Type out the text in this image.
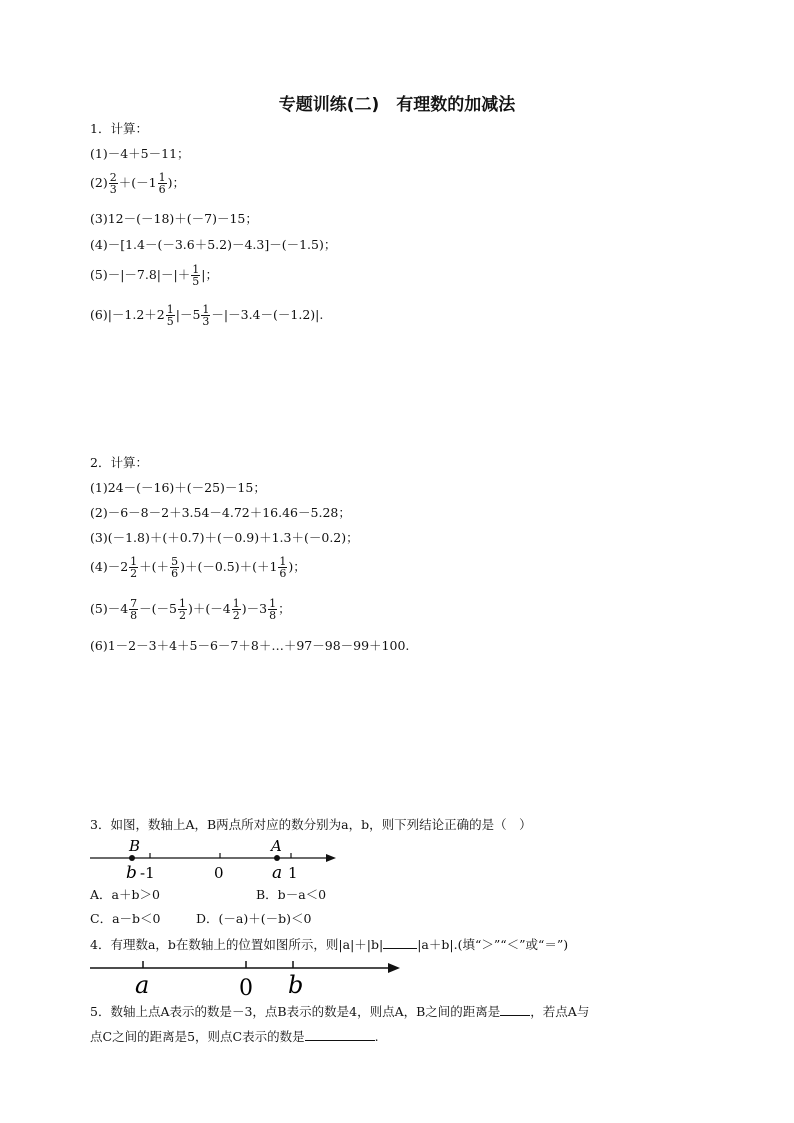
专题训练(二)　有理数的加减法
1．计算：
(1)－4＋5－11；
$(2) \frac{2}{3} +(-1 \frac{1}{6}$ )；
(3)12－(－18)＋(－7)－15；
(4)－[1.4－(－3.6＋5.2)－4.3]－(－1.5)；
$(5)-|-7.8|-|+ \frac{1}{5}$ |；
$(6)|-1.2+2 \frac{1}{5} |-5 \frac{1}{3} -|-3.4-(-1.2)|$.
2．计算：
(1)24－(－16)＋(－25)－15；
(2)－6－8－2＋3.54－4.72＋16.46－5.28；
(3)(－1.8)＋(＋0.7)＋(－0.9)＋1.3＋(－0.2)；
$(4)-2 \frac{1}{2}$ ＋(＋ $\frac{5}{6} )+(-0.5)+(+1 \frac{1}{6}$ )；
$(5)-4 \frac{7}{8} -(-5 \frac{1}{2} )+(-4 \frac{1}{2} )-3 \frac{1}{8}$ ；
(6)1－2－3＋4＋5－6－7＋8＋…＋97－98－99＋100.
3．如图，数轴上A，B两点所对应的数分别为a，b，则下列结论正确的是（　）
B	A
b -1	0	a 1
A．a＋b＞0	B．b－a＜0
C．a－b＜0	D．(－a)＋(－b)＜0
4．有理数a，b在数轴上的位置如图所示，则|a|＋|b|	|a＋b|.(填“＞”“＜”或“＝”)
a	0 b
5．数轴上点A表示的数是－3，点B表示的数是4，则点A，B之间的距离是 ，若点A与
点C之间的距离是5，则点C表示的数是	.
